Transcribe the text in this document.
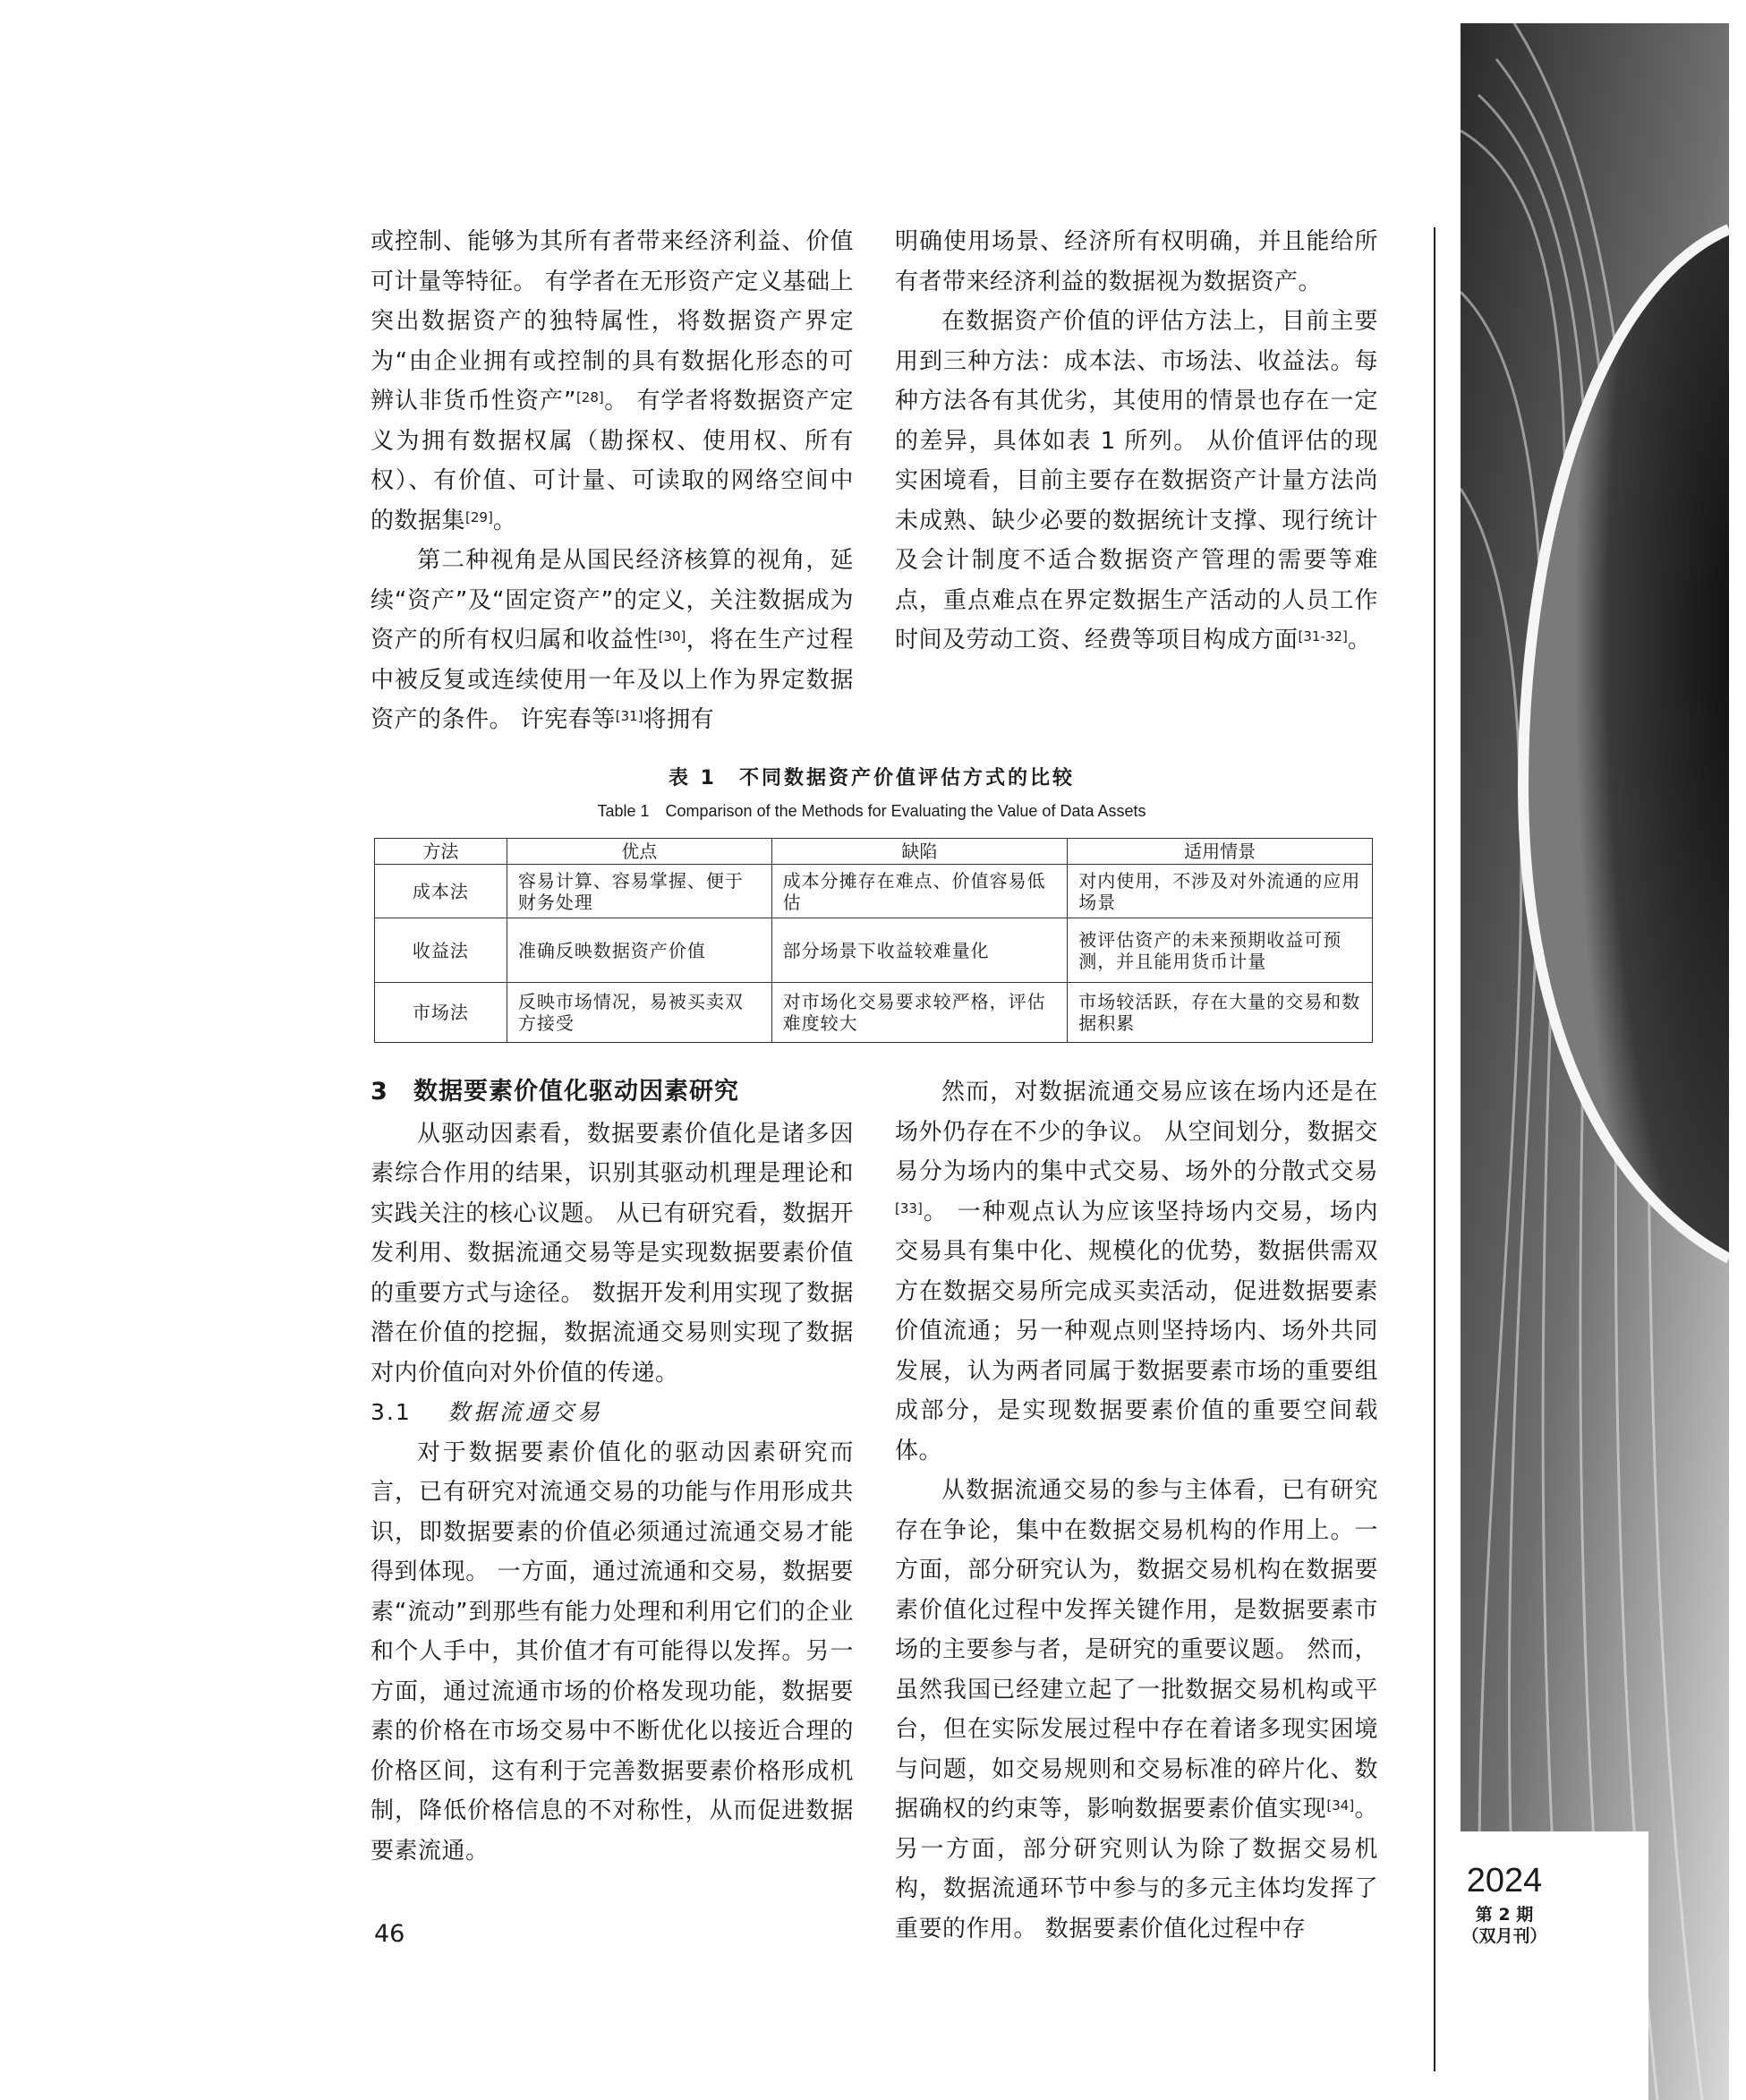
或控制、能够为其所有者带来经济利益、价值可计量等特征。 有学者在无形资产定义基础上突出数据资产的独特属性，将数据资产界定为“由企业拥有或控制的具有数据化形态的可辨认非货币性资产”[28]。 有学者将数据资产定义为拥有数据权属（勘探权、使用权、所有权）、有价值、可计量、可读取的网络空间中的数据集[29]。

第二种视角是从国民经济核算的视角，延续“资产”及“固定资产”的定义，关注数据成为资产的所有权归属和收益性[30]，将在生产过程中被反复或连续使用一年及以上作为界定数据资产的条件。 许宪春等[31]将拥有

明确使用场景、经济所有权明确，并且能给所有者带来经济利益的数据视为数据资产。

在数据资产价值的评估方法上，目前主要用到三种方法：成本法、市场法、收益法。每种方法各有其优劣，其使用的情景也存在一定的差异，具体如表 1 所列。 从价值评估的现实困境看，目前主要存在数据资产计量方法尚未成熟、缺少必要的数据统计支撑、现行统计及会计制度不适合数据资产管理的需要等难点，重点难点在界定数据生产活动的人员工作时间及劳动工资、经费等项目构成方面[31-32]。

表 1　不同数据资产价值评估方式的比较
Table 1　Comparison of the Methods for Evaluating the Value of Data Assets
方法	优点	缺陷	适用情景
成本法	容易计算、容易掌握、便于财务处理	成本分摊存在难点、价值容易低估	对内使用，不涉及对外流通的应用场景
收益法	准确反映数据资产价值	部分场景下收益较难量化	被评估资产的未来预期收益可预测，并且能用货币计量
市场法	反映市场情况，易被买卖双方接受	对市场化交易要求较严格，评估难度较大	市场较活跃，存在大量的交易和数据积累
3 数据要素价值化驱动因素研究

从驱动因素看，数据要素价值化是诸多因素综合作用的结果，识别其驱动机理是理论和实践关注的核心议题。 从已有研究看，数据开发利用、数据流通交易等是实现数据要素价值的重要方式与途径。 数据开发利用实现了数据潜在价值的挖掘，数据流通交易则实现了数据对内价值向对外价值的传递。

3.1 数据流通交易

对于数据要素价值化的驱动因素研究而言，已有研究对流通交易的功能与作用形成共识，即数据要素的价值必须通过流通交易才能得到体现。 一方面，通过流通和交易，数据要素“流动”到那些有能力处理和利用它们的企业和个人手中，其价值才有可能得以发挥。另一方面，通过流通市场的价格发现功能，数据要素的价格在市场交易中不断优化以接近合理的价格区间，这有利于完善数据要素价格形成机制，降低价格信息的不对称性，从而促进数据要素流通。

然而，对数据流通交易应该在场内还是在场外仍存在不少的争议。 从空间划分，数据交易分为场内的集中式交易、场外的分散式交易[33]。 一种观点认为应该坚持场内交易，场内交易具有集中化、规模化的优势，数据供需双方在数据交易所完成买卖活动，促进数据要素价值流通；另一种观点则坚持场内、场外共同发展，认为两者同属于数据要素市场的重要组成部分，是实现数据要素价值的重要空间载体。

从数据流通交易的参与主体看，已有研究存在争论，集中在数据交易机构的作用上。一方面，部分研究认为，数据交易机构在数据要素价值化过程中发挥关键作用，是数据要素市场的主要参与者，是研究的重要议题。 然而，虽然我国已经建立起了一批数据交易机构或平台，但在实际发展过程中存在着诸多现实困境与问题，如交易规则和交易标准的碎片化、数据确权的约束等，影响数据要素价值实现[34]。 另一方面，部分研究则认为除了数据交易机构，数据流通环节中参与的多元主体均发挥了重要的作用。 数据要素价值化过程中存

46
2024
第 2 期
（双月刊）
